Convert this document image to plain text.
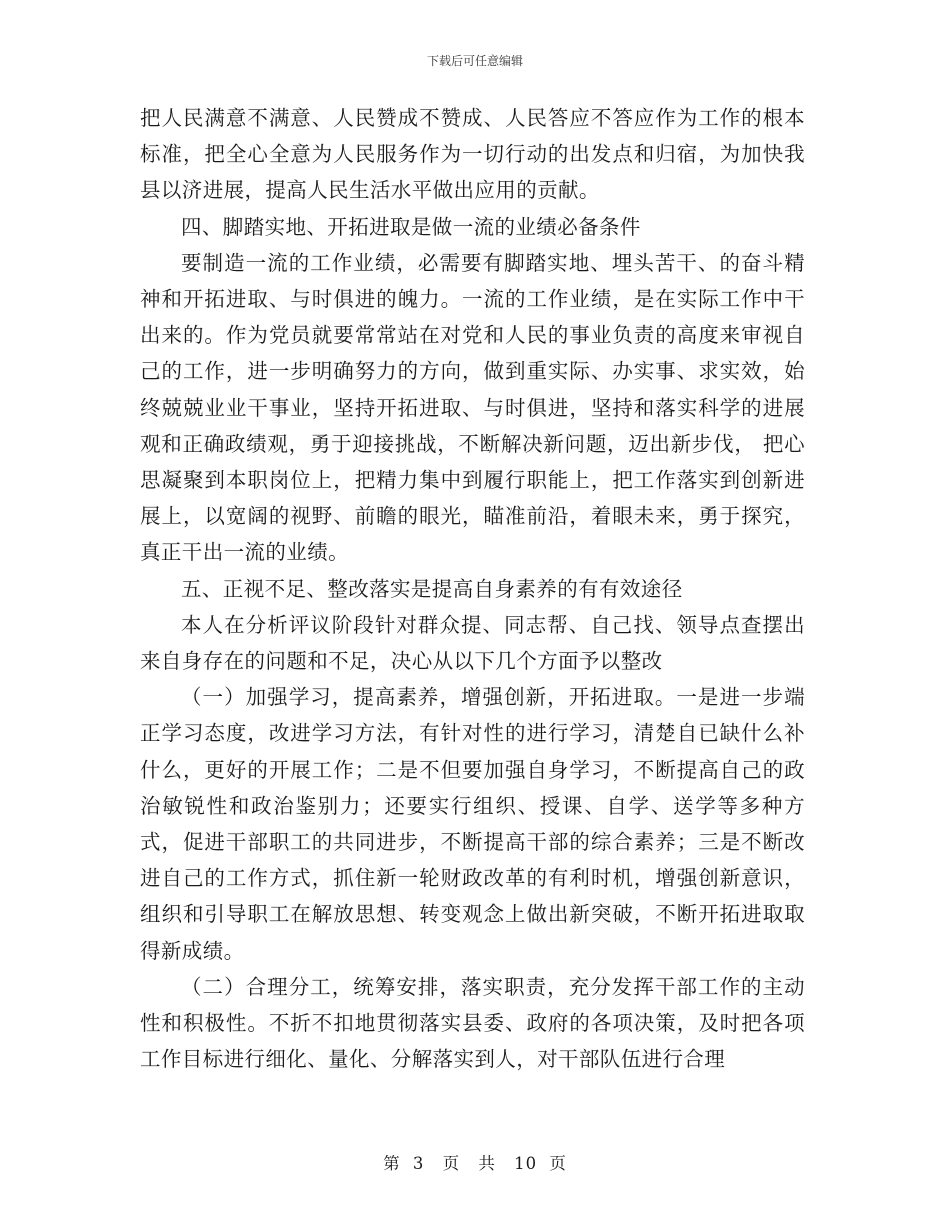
下载后可任意编辑

把人民满意不满意、人民赞成不赞成、人民答应不答应作为工作的根本标准，把全心全意为人民服务作为一切行动的出发点和归宿，为加快我县以济进展，提高人民生活水平做出应用的贡献。

四、脚踏实地、开拓进取是做一流的业绩必备条件

要制造一流的工作业绩，必需要有脚踏实地、埋头苦干、的奋斗精神和开拓进取、与时俱进的魄力。一流的工作业绩，是在实际工作中干出来的。作为党员就要常常站在对党和人民的事业负责的高度来审视自己的工作，进一步明确努力的方向，做到重实际、办实事、求实效，始终兢兢业业干事业，坚持开拓进取、与时俱进，坚持和落实科学的进展观和正确政绩观，勇于迎接挑战，不断解决新问题，迈出新步伐， 把心思凝聚到本职岗位上，把精力集中到履行职能上，把工作落实到创新进展上，以宽阔的视野、前瞻的眼光，瞄准前沿，着眼未来，勇于探究，真正干出一流的业绩。

五、正视不足、整改落实是提高自身素养的有有效途径

本人在分析评议阶段针对群众提、同志帮、自己找、领导点查摆出来自身存在的问题和不足，决心从以下几个方面予以整改

（一）加强学习，提高素养，增强创新，开拓进取。一是进一步端正学习态度，改进学习方法，有针对性的进行学习，清楚自已缺什么补什么，更好的开展工作；二是不但要加强自身学习，不断提高自己的政治敏锐性和政治鉴别力；还要实行组织、授课、自学、送学等多种方式，促进干部职工的共同进步，不断提高干部的综合素养；三是不断改进自己的工作方式，抓住新一轮财政改革的有利时机，增强创新意识，组织和引导职工在解放思想、转变观念上做出新突破，不断开拓进取取得新成绩。

（二）合理分工，统筹安排，落实职责，充分发挥干部工作的主动性和积极性。不折不扣地贯彻落实县委、政府的各项决策，及时把各项工作目标进行细化、量化、分解落实到人，对干部队伍进行合理

第 3 页 共 10 页
